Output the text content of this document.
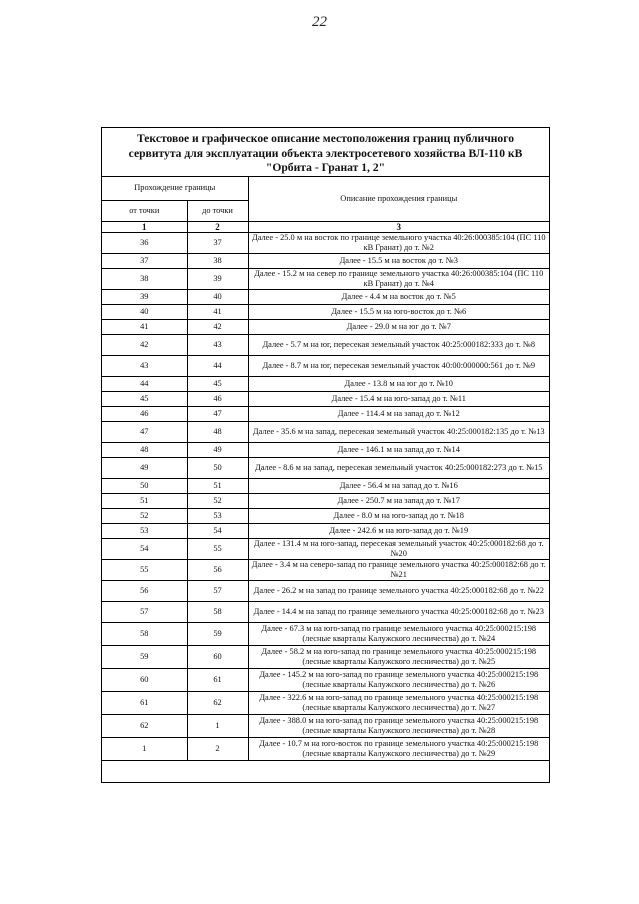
22
Текстовое и графическое описание местоположения границ публичного
сервитута для эксплуатации объекта электросетевого хозяйства ВЛ-110 кВ
"Орбита - Гранат 1, 2"
Прохождение границы		Описание прохождения границы
от точки	до точки	
1	2	3
36	37	Далее - 25.0 м на восток по границе земельного участка 40:26:000385:104 (ПС 110 кВ Гранат) до т. №2
37	38	Далее - 15.5 м на восток до т. №3
38	39	Далее - 15.2 м на север по границе земельного участка 40:26:000385:104 (ПС 110 кВ Гранат) до т. №4
39	40	Далее - 4.4 м на восток до т. №5
40	41	Далее - 15.5 м на юго-восток до т. №6
41	42	Далее - 29.0 м на юг до т. №7
42	43	Далее - 5.7 м на юг, пересекая земельный участок 40:25:000182:333 до т. №8
43	44	Далее - 8.7 м на юг, пересекая земельный участок 40:00:000000:561 до т. №9
44	45	Далее - 13.8 м на юг до т. №10
45	46	Далее - 15.4 м на юго-запад до т. №11
46	47	Далее - 114.4 м на запад до т. №12
47	48	Далее - 35.6 м на запад, пересекая земельный участок 40:25:000182:135 до т. №13
48	49	Далее - 146.1 м на запад до т. №14
49	50	Далее - 8.6 м на запад, пересекая земельный участок 40:25:000182:273 до т. №15
50	51	Далее - 56.4 м на запад до т. №16
51	52	Далее - 250.7 м на запад до т. №17
52	53	Далее - 8.0 м на юго-запад до т. №18
53	54	Далее - 242.6 м на юго-запад до т. №19
54	55	Далее - 131.4 м на юго-запад, пересекая земельный участок 40:25:000182:68 до т. №20
55	56	Далее - 3.4 м на северо-запад по границе земельного участка 40:25:000182:68 до т. №21
56	57	Далее - 26.2 м на запад по границе земельного участка 40:25:000182:68 до т. №22
57	58	Далее - 14.4 м на запад по границе земельного участка 40:25:000182:68 до т. №23
58	59	Далее - 67.3 м на юго-запад по границе земельного участка 40:25:000215:198 (лесные кварталы Калужского лесничества) до т. №24
59	60	Далее - 58.2 м на юго-запад по границе земельного участка 40:25:000215:198 (лесные кварталы Калужского лесничества) до т. №25
60	61	Далее - 145.2 м на юго-запад по границе земельного участка 40:25:000215:198 (лесные кварталы Калужского лесничества) до т. №26
61	62	Далее - 322.6 м на юго-запад по границе земельного участка 40:25:000215:198 (лесные кварталы Калужского лесничества) до т. №27
62	1	Далее - 388.0 м на юго-запад по границе земельного участка 40:25:000215:198 (лесные кварталы Калужского лесничества) до т. №28
1	2	Далее - 10.7 м на юго-восток по границе земельного участка 40:25:000215:198 (лесные кварталы Калужского лесничества) до т. №29
